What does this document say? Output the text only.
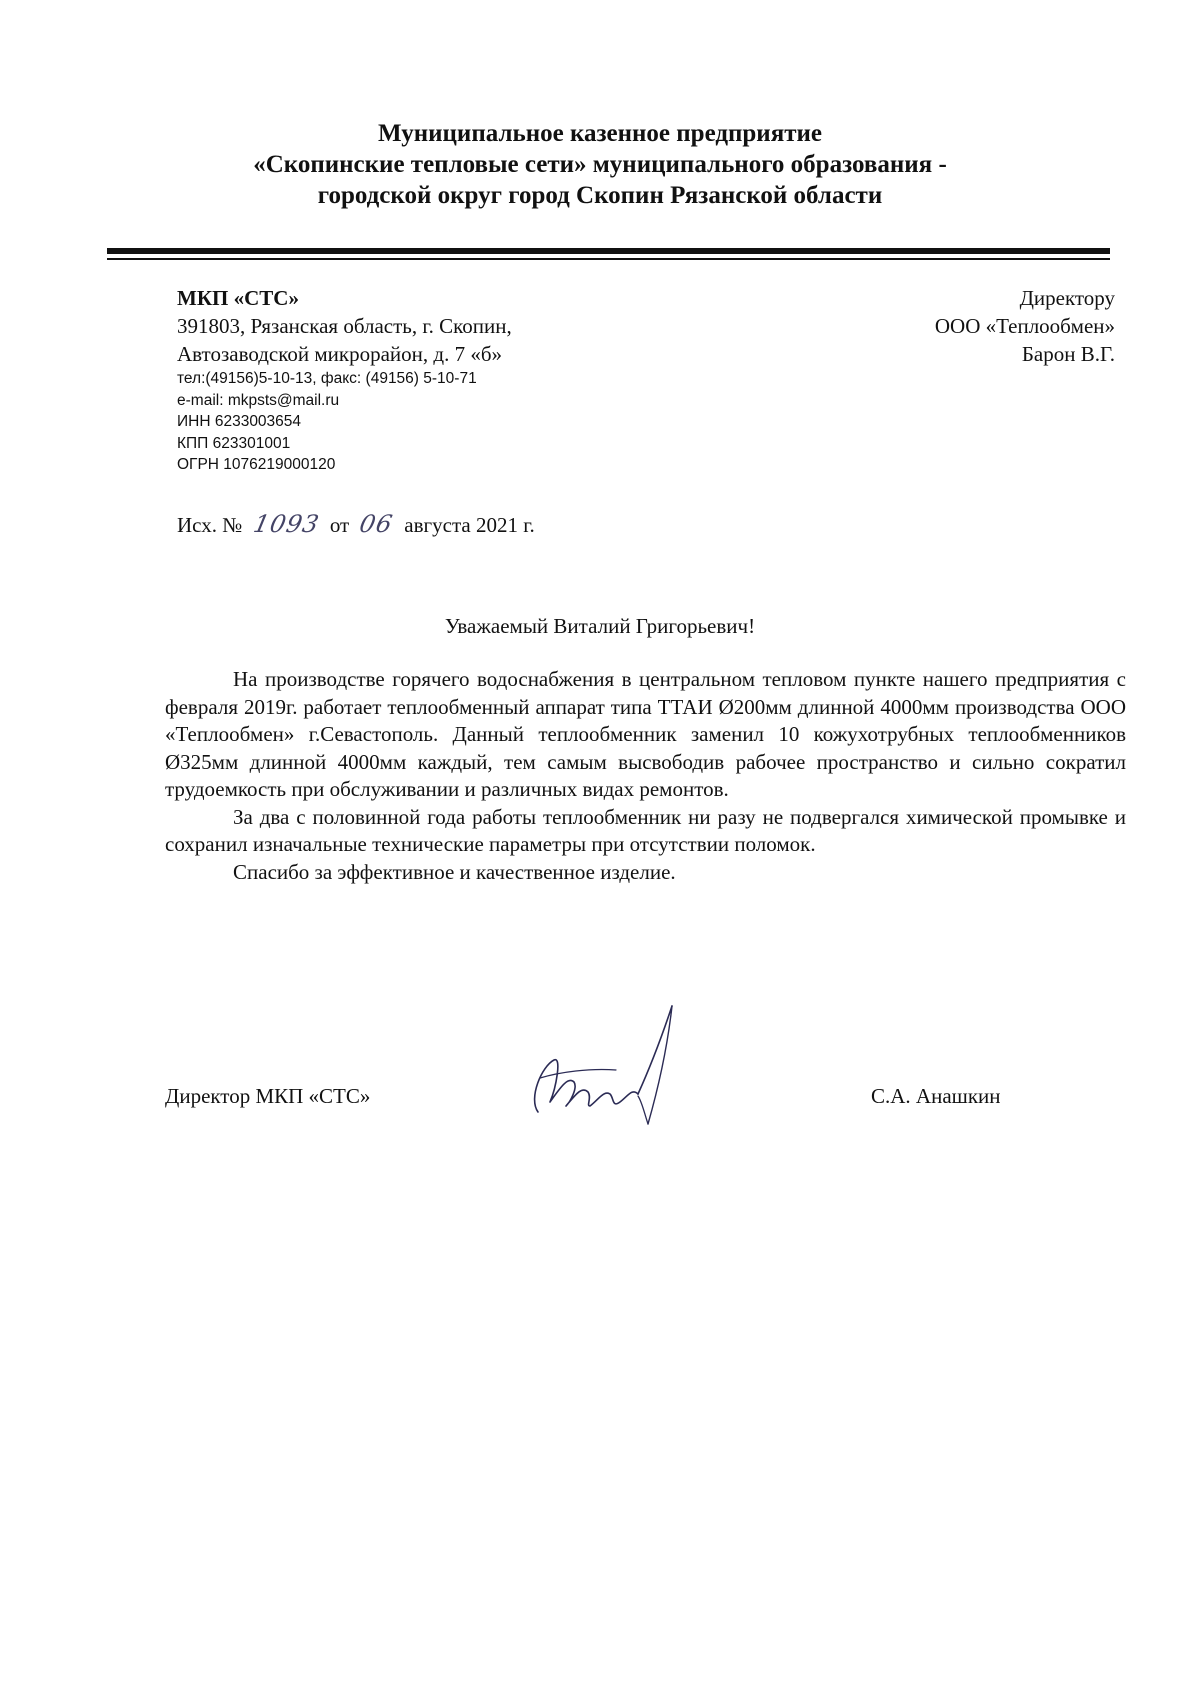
Муниципальное казенное предприятие
«Скопинские тепловые сети» муниципального образования -
городской округ город Скопин Рязанской области
МКП «СТС»
391803, Рязанская область, г. Скопин,
Автозаводской микрорайон, д. 7 «б»
тел:(49156)5-10-13, факс: (49156) 5-10-71
e-mail: mkpsts@mail.ru
ИНН 6233003654
КПП 623301001
ОГРН 1076219000120
Директору
ООО «Теплообмен»
Барон В.Г.
Исх. № 1093 от 06 августа 2021 г.
Уважаемый Виталий Григорьевич!

На производстве горячего водоснабжения в центральном тепловом пункте нашего предприятия с февраля 2019г. работает теплообменный аппарат типа ТТАИ Ø200мм длинной 4000мм производства ООО «Теплообмен» г.Севастополь. Данный теплообменник заменил 10 кожухотрубных теплообменников Ø325мм длинной 4000мм каждый, тем самым высвободив рабочее пространство и сильно сократил трудоемкость при обслуживании и различных видах ремонтов.

За два с половинной года работы теплообменник ни разу не подвергался химической промывке и сохранил изначальные технические параметры при отсутствии поломок.

Спасибо за эффективное и качественное изделие.

Директор МКП «СТС»	С.А. Анашкин
